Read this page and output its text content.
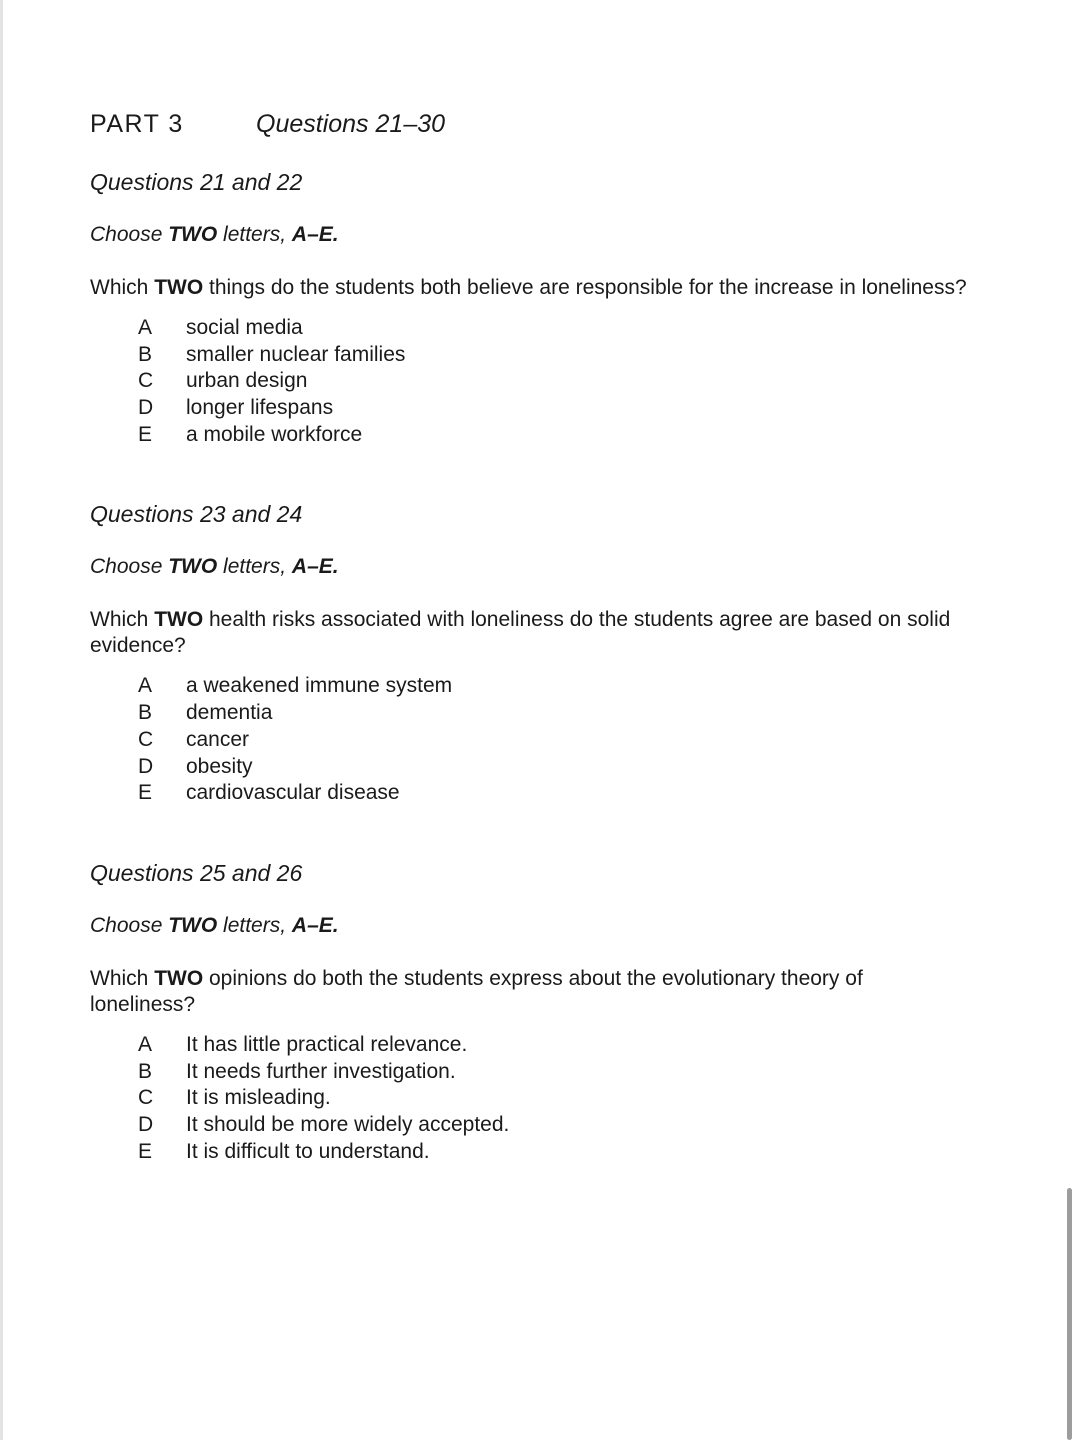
PART 3	Questions 21–30
Questions 21 and 22
Choose TWO letters, A–E.
Which TWO things do the students both believe are responsible for the increase in loneliness?
A	social media
B	smaller nuclear families
C	urban design
D	longer lifespans
E	a mobile workforce
Questions 23 and 24
Choose TWO letters, A–E.
Which TWO health risks associated with loneliness do the students agree are based on solid evidence?
A	a weakened immune system
B	dementia
C	cancer
D	obesity
E	cardiovascular disease
Questions 25 and 26
Choose TWO letters, A–E.
Which TWO opinions do both the students express about the evolutionary theory of loneliness?
A	It has little practical relevance.
B	It needs further investigation.
C	It is misleading.
D	It should be more widely accepted.
E	It is difficult to understand.
